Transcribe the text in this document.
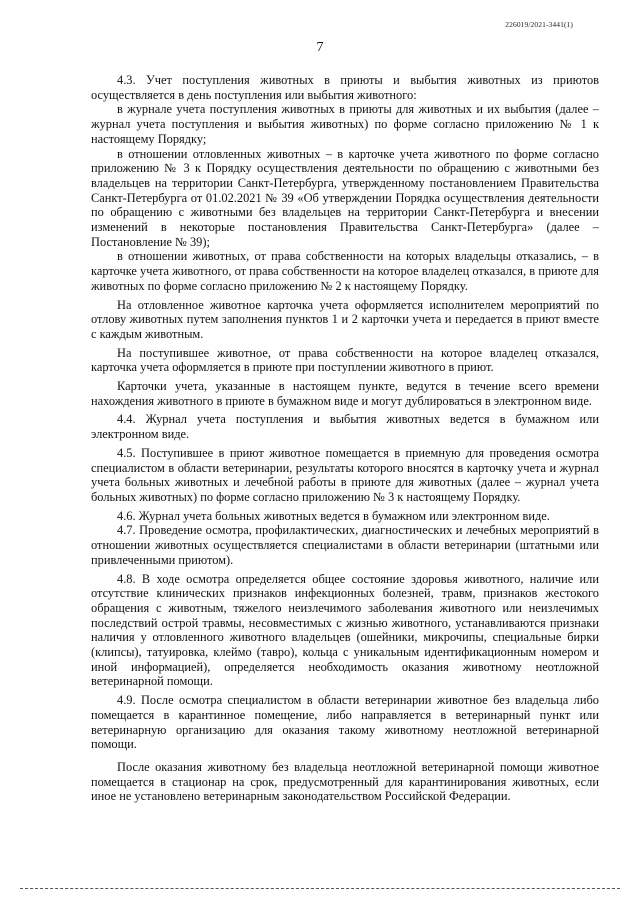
226019/2021-3441(1)
7

4.3. Учет поступления животных в приюты и выбытия животных из приютов осуществляется в день поступления или выбытия животного:

в журнале учета поступления животных в приюты для животных и их выбытия (далее – журнал учета поступления и выбытия животных) по форме согласно приложению № 1 к настоящему Порядку;

в отношении отловленных животных – в карточке учета животного по форме согласно приложению № 3 к Порядку осуществления деятельности по обращению с животными без владельцев на территории Санкт-Петербурга, утвержденному постановлением Правительства Санкт-Петербурга от 01.02.2021 № 39 «Об утверждении Порядка осуществления деятельности по обращению с животными без владельцев на территории Санкт-Петербурга и внесении изменений в некоторые постановления Правительства Санкт-Петербурга» (далее – Постановление № 39);

в отношении животных, от права собственности на которых владельцы отказались, – в карточке учета животного, от права собственности на которое владелец отказался, в приюте для животных по форме согласно приложению № 2 к настоящему Порядку.

На отловленное животное карточка учета оформляется исполнителем мероприятий по отлову животных путем заполнения пунктов 1 и 2 карточки учета и передается в приют вместе с каждым животным.

На поступившее животное, от права собственности на которое владелец отказался, карточка учета оформляется в приюте при поступлении животного в приют.

Карточки учета, указанные в настоящем пункте, ведутся в течение всего времени нахождения животного в приюте в бумажном виде и могут дублироваться в электронном виде.

4.4. Журнал учета поступления и выбытия животных ведется в бумажном или электронном виде.

4.5. Поступившее в приют животное помещается в приемную для проведения осмотра специалистом в области ветеринарии, результаты которого вносятся в карточку учета и журнал учета больных животных и лечебной работы в приюте для животных (далее – журнал учета больных животных) по форме согласно приложению № 3 к настоящему Порядку.

4.6. Журнал учета больных животных ведется в бумажном или электронном виде.

4.7. Проведение осмотра, профилактических, диагностических и лечебных мероприятий в отношении животных осуществляется специалистами в области ветеринарии (штатными или привлеченными приютом).

4.8. В ходе осмотра определяется общее состояние здоровья животного, наличие или отсутствие клинических признаков инфекционных болезней, травм, признаков жестокого обращения с животным, тяжелого неизлечимого заболевания животного или неизлечимых последствий острой травмы, несовместимых с жизнью животного, устанавливаются признаки наличия у отловленного животного владельцев (ошейники, микрочипы, специальные бирки (клипсы), татуировка, клеймо (тавро), кольца с уникальным идентификационным номером и иной информацией), определяется необходимость оказания животному неотложной ветеринарной помощи.

4.9. После осмотра специалистом в области ветеринарии животное без владельца либо помещается в карантинное помещение, либо направляется в ветеринарный пункт или ветеринарную организацию для оказания такому животному неотложной ветеринарной помощи.

После оказания животному без владельца неотложной ветеринарной помощи животное помещается в стационар на срок, предусмотренный для карантинирования животных, если иное не установлено ветеринарным законодательством Российской Федерации.
